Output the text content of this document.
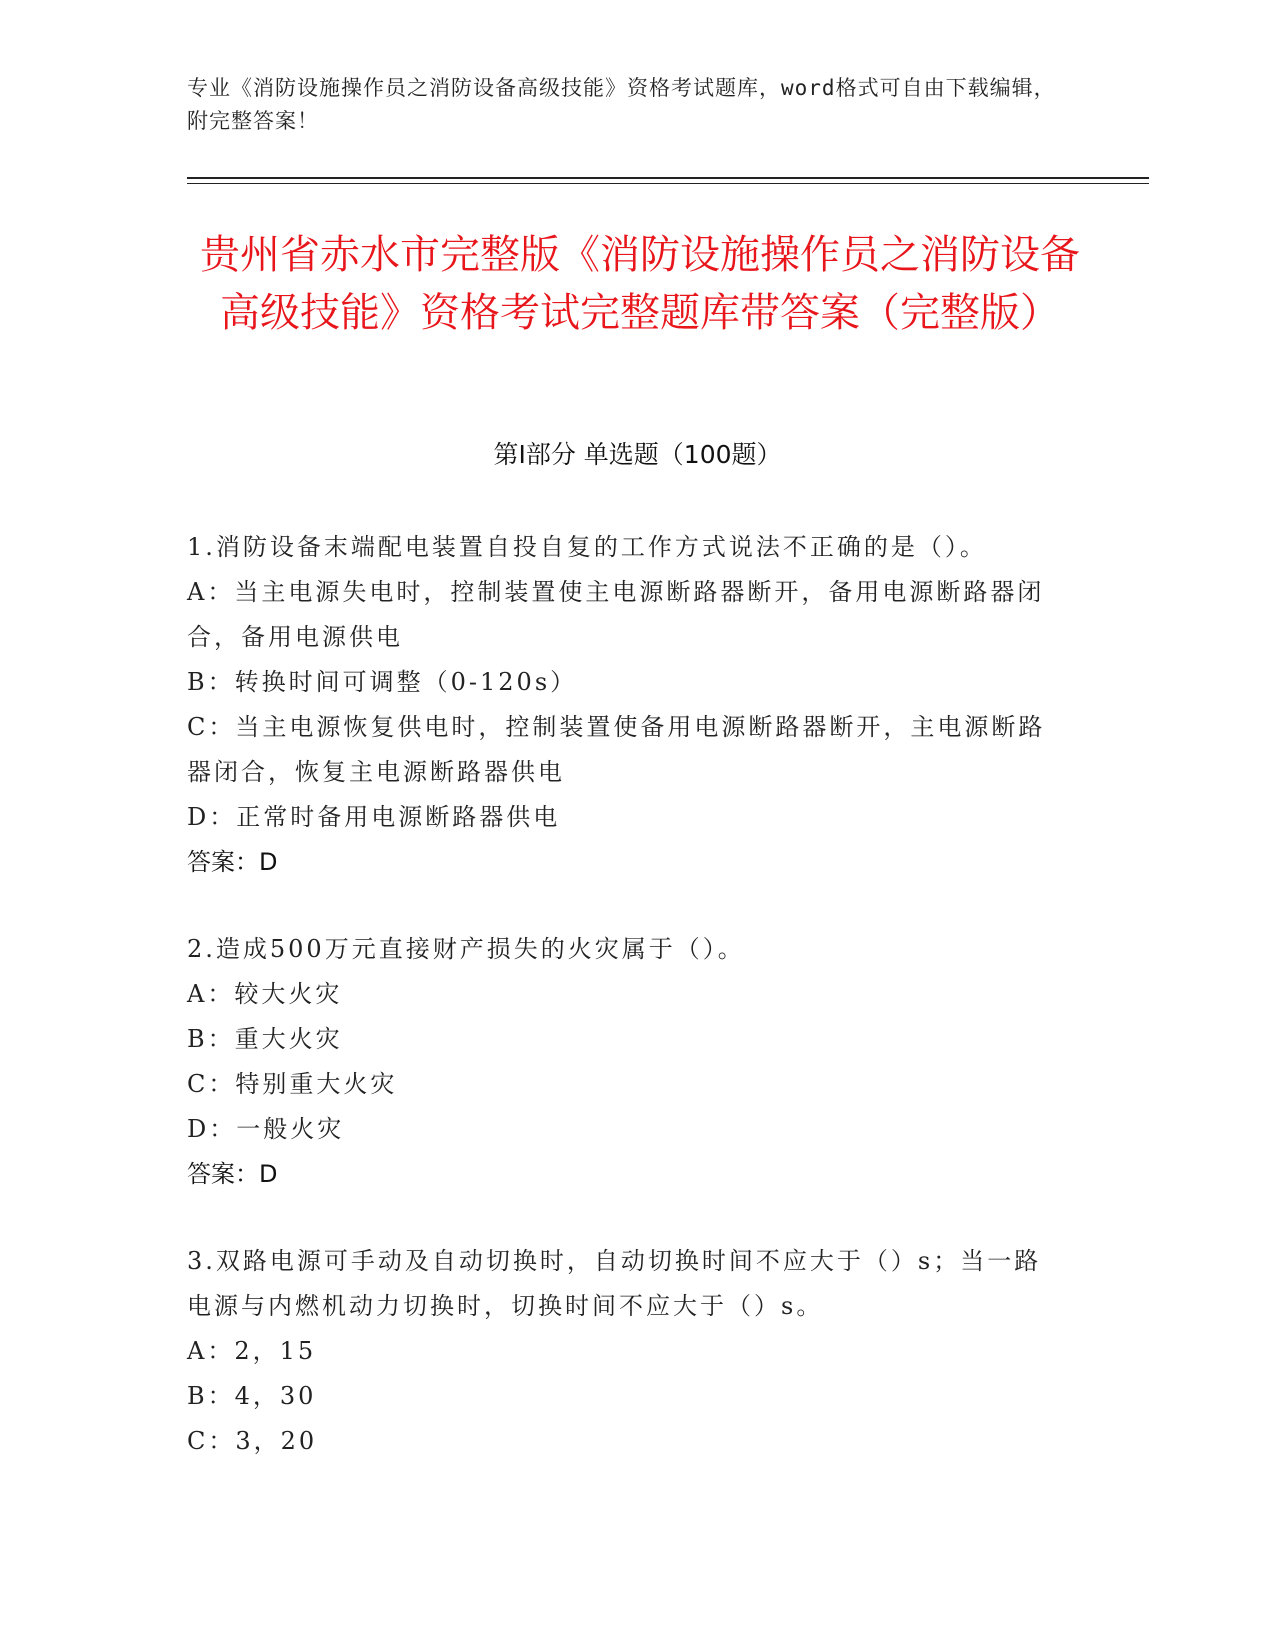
专业《消防设施操作员之消防设备高级技能》资格考试题库，word格式可自由下载编辑，附完整答案！
贵州省赤水市完整版《消防设施操作员之消防设备高级技能》资格考试完整题库带答案（完整版）
第Ⅰ部分 单选题（100题）

1.消防设备末端配电装置自投自复的工作方式说法不正确的是（）。

A：当主电源失电时，控制装置使主电源断路器断开，备用电源断路器闭合，备用电源供电

B：转换时间可调整（0-120s）

C：当主电源恢复供电时，控制装置使备用电源断路器断开，主电源断路器闭合，恢复主电源断路器供电

D：正常时备用电源断路器供电

答案：D

2.造成500万元直接财产损失的火灾属于（）。

A：较大火灾

B：重大火灾

C：特别重大火灾

D：一般火灾

答案：D

3.双路电源可手动及自动切换时，自动切换时间不应大于（）s；当一路电源与内燃机动力切换时，切换时间不应大于（）s。

A：2，15

B：4，30

C：3，20
